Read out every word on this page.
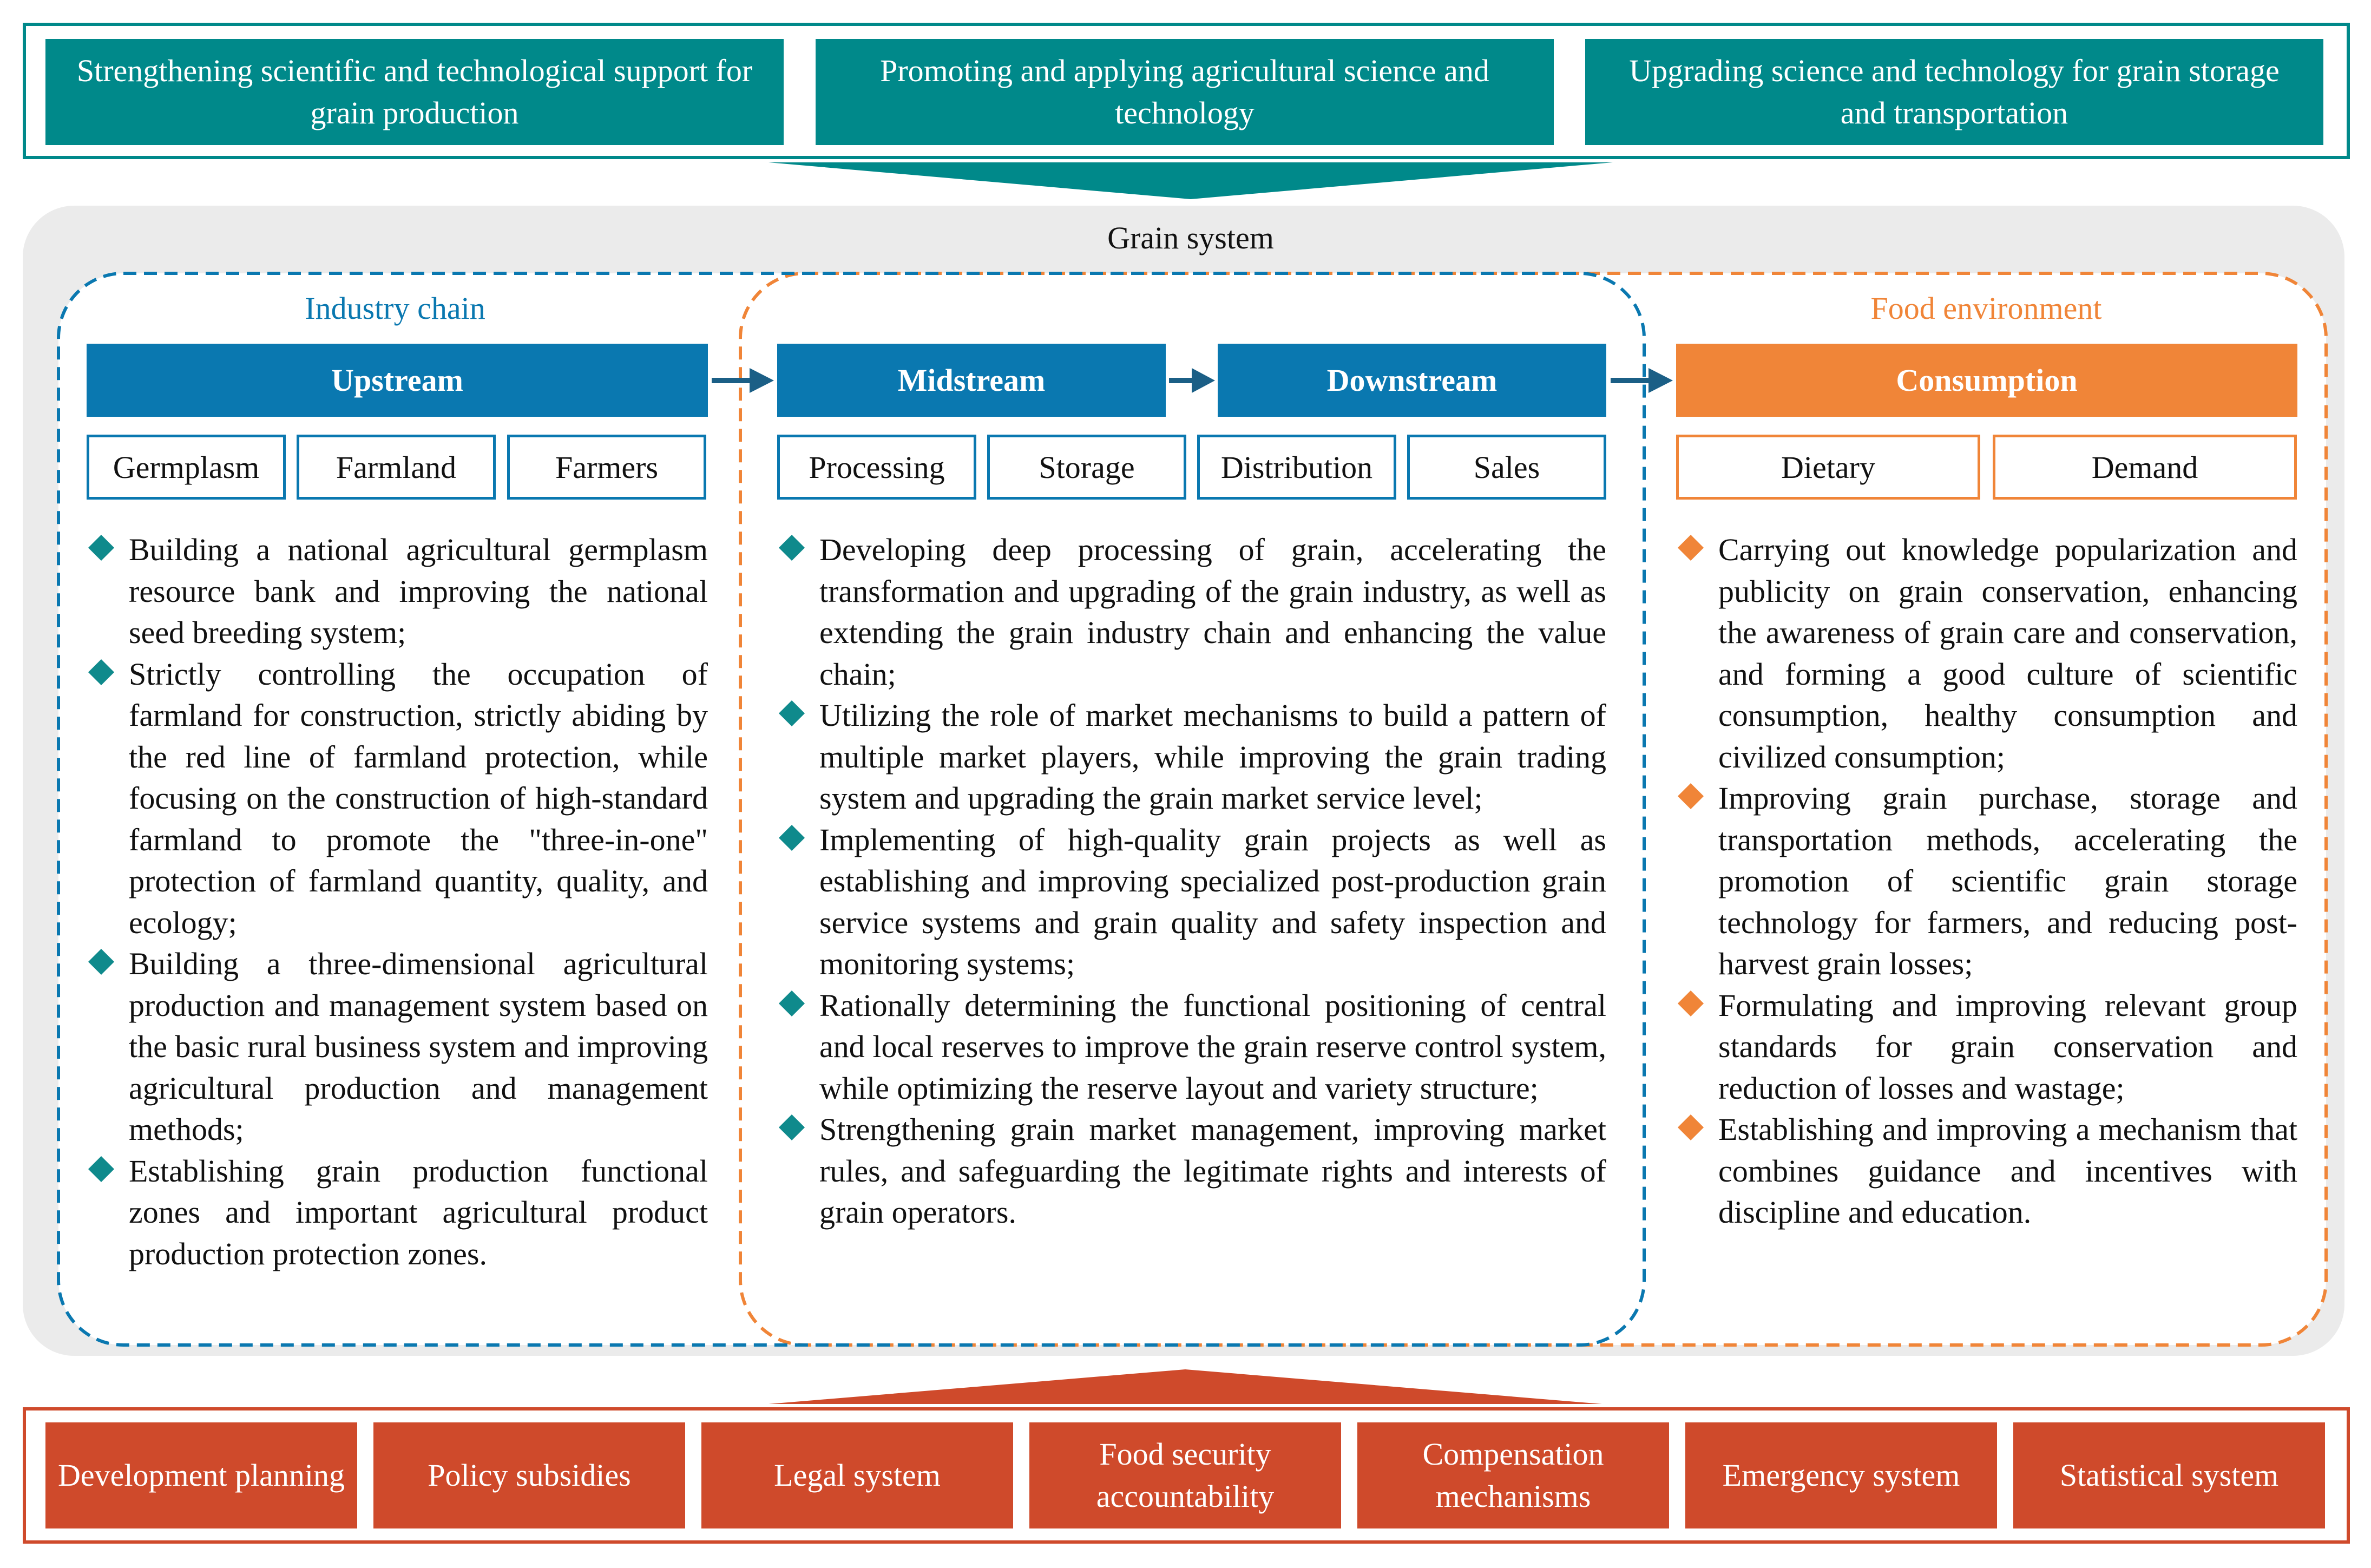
Strengthening scientific and technological support for grain production
Promoting and applying agricultural science and technology
Upgrading science and technology for grain storage and transportation
Grain system
Industry chain	Food environment
Upstream	Midstream	Downstream	Consumption
Germplasm	Farmland	Farmers	Processing	Storage	Distribution	Sales	Dietary	Demand
Building a national agricultural germplasm resource bank and improving the national seed breeding system;
Strictly controlling the occupation of farmland for construction, strictly abiding by the red line of farmland protection, while focusing on the construction of high-standard farmland to promote the "three-in-one" protection of farmland quantity, quality, and ecology;
Building a three-dimensional agricultural production and management system based on the basic rural business system and improving agricultural production and management methods;
Establishing grain production functional zones and important agricultural product production protection zones.
Developing deep processing of grain, accelerating the transformation and upgrading of the grain industry, as well as extending the grain industry chain and enhancing the value chain;
Utilizing the role of market mechanisms to build a pattern of multiple market players, while improving the grain trading system and upgrading the grain market service level;
Implementing of high-quality grain projects as well as establishing and improving specialized post-production grain service systems and grain quality and safety inspection and monitoring systems;
Rationally determining the functional positioning of central and local reserves to improve the grain reserve control system, while optimizing the reserve layout and variety structure;
Strengthening grain market management, improving market rules, and safeguarding the legitimate rights and interests of grain operators.
Carrying out knowledge popularization and publicity on grain conservation, enhancing the awareness of grain care and conservation, and forming a good culture of scientific consumption, healthy consumption and civilized consumption;
Improving grain purchase, storage and transportation methods, accelerating the promotion of scientific grain storage technology for farmers, and reducing post-harvest grain losses;
Formulating and improving relevant group standards for grain conservation and reduction of losses and wastage;
Establishing and improving a mechanism that combines guidance and incentives with discipline and education.
Development planning	Policy subsidies	Legal system
Food security accountability
Compensation mechanisms
Emergency system	Statistical system
